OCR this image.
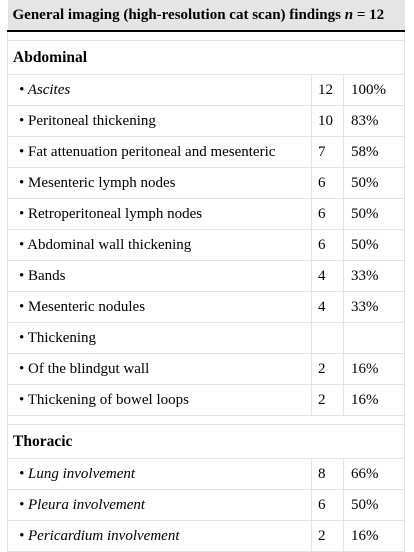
General imaging (high-resolution cat scan) findings n = 12		

Abdominal		
• Ascites	12	100%
• Peritoneal thickening	10	83%
• Fat attenuation peritoneal and mesenteric	7	58%
• Mesenteric lymph nodes	6	50%
• Retroperitoneal lymph nodes	6	50%
• Abdominal wall thickening	6	50%
• Bands	4	33%
• Mesenteric nodules	4	33%
• Thickening		
• Of the blindgut wall	2	16%
• Thickening of bowel loops	2	16%

Thoracic		
• Lung involvement	8	66%
• Pleura involvement	6	50%
• Pericardium involvement	2	16%
